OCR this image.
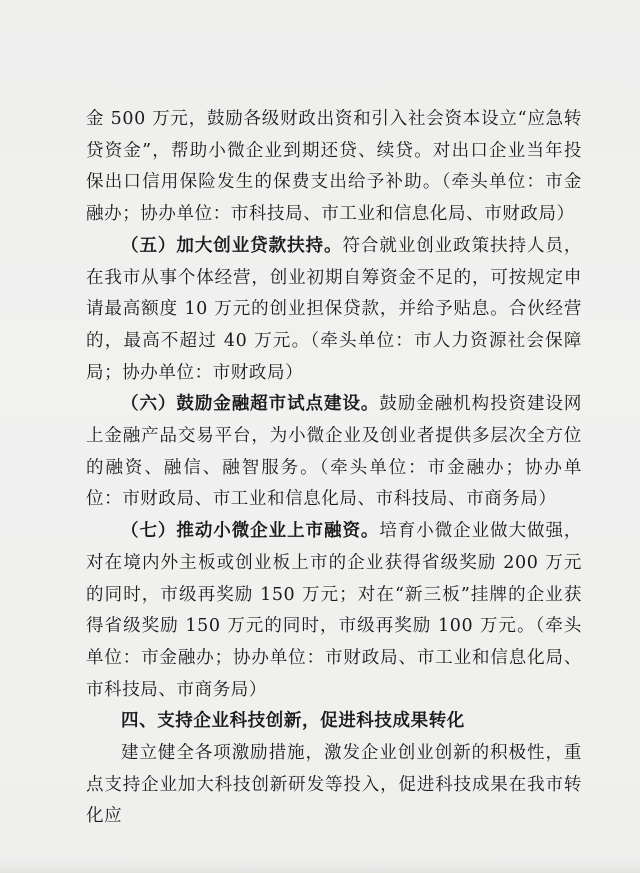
金 500 万元，鼓励各级财政出资和引入社会资本设立“应急转贷资金”，帮助小微企业到期还贷、续贷。对出口企业当年投保出口信用保险发生的保费支出给予补助。（牵头单位：市金融办；协办单位：市科技局、市工业和信息化局、市财政局）

（五）加大创业贷款扶持。符合就业创业政策扶持人员，在我市从事个体经营，创业初期自筹资金不足的，可按规定申请最高额度 10 万元的创业担保贷款，并给予贴息。合伙经营的，最高不超过 40 万元。（牵头单位：市人力资源社会保障局；协办单位：市财政局）

（六）鼓励金融超市试点建设。鼓励金融机构投资建设网上金融产品交易平台，为小微企业及创业者提供多层次全方位的融资、融信、融智服务。（牵头单位：市金融办；协办单位：市财政局、市工业和信息化局、市科技局、市商务局）

（七）推动小微企业上市融资。培育小微企业做大做强，对在境内外主板或创业板上市的企业获得省级奖励 200 万元的同时，市级再奖励 150 万元；对在“新三板”挂牌的企业获得省级奖励 150 万元的同时，市级再奖励 100 万元。（牵头单位：市金融办；协办单位：市财政局、市工业和信息化局、市科技局、市商务局）

四、支持企业科技创新，促进科技成果转化

建立健全各项激励措施，激发企业创业创新的积极性，重点支持企业加大科技创新研发等投入，促进科技成果在我市转化应
